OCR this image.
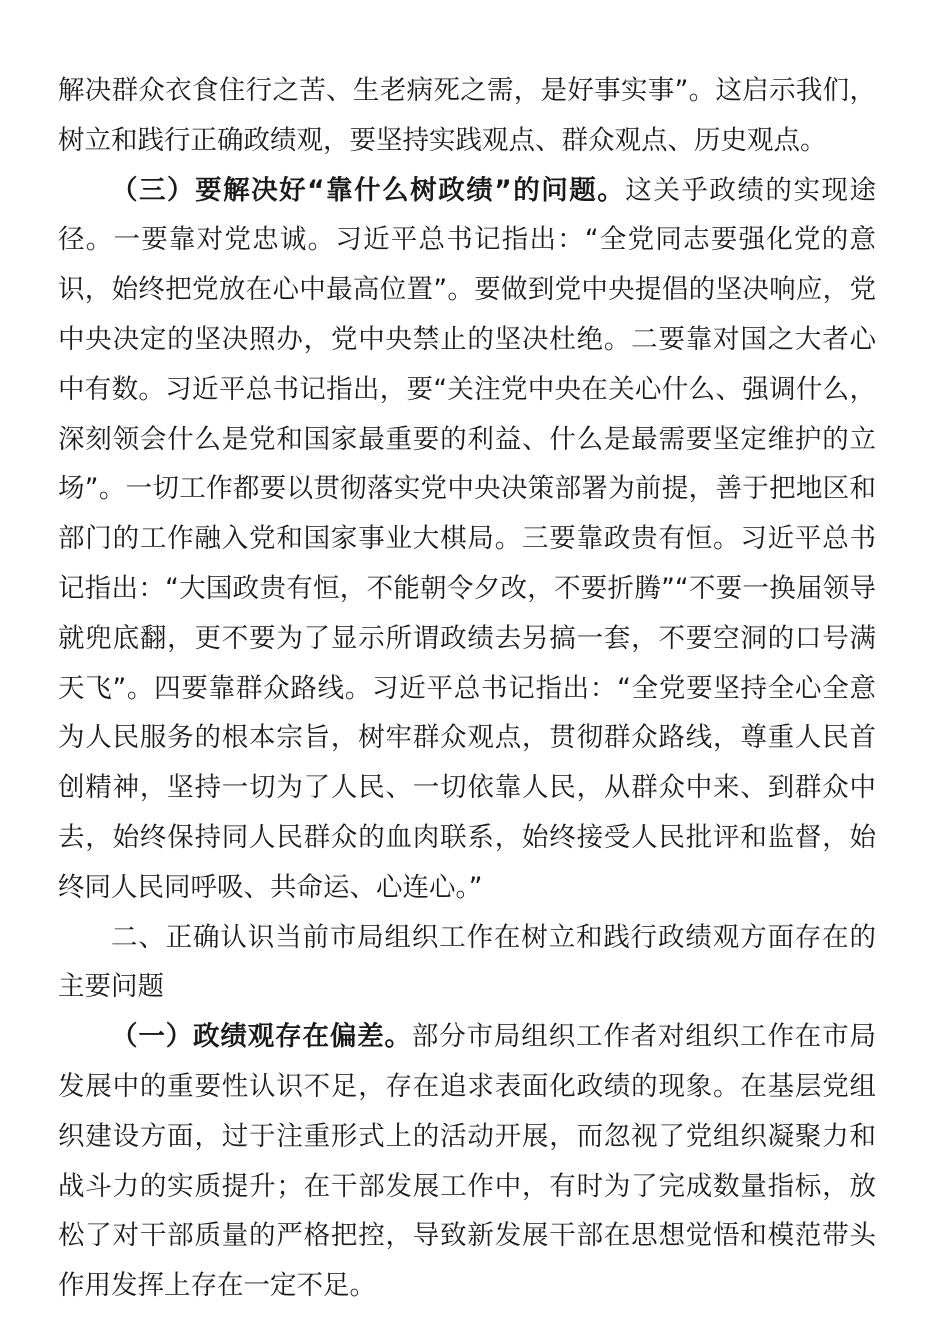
解决群众衣食住行之苦、生老病死之需，是好事实事”。这启示我们，树立和践行正确政绩观，要坚持实践观点、群众观点、历史观点。

（三）要解决好“靠什么树政绩”的问题。这关乎政绩的实现途径。一要靠对党忠诚。习近平总书记指出：“全党同志要强化党的意识，始终把党放在心中最高位置”。要做到党中央提倡的坚决响应，党中央决定的坚决照办，党中央禁止的坚决杜绝。二要靠对国之大者心中有数。习近平总书记指出，要“关注党中央在关心什么、强调什么，深刻领会什么是党和国家最重要的利益、什么是最需要坚定维护的立场”。一切工作都要以贯彻落实党中央决策部署为前提，善于把地区和部门的工作融入党和国家事业大棋局。三要靠政贵有恒。习近平总书记指出：“大国政贵有恒，不能朝令夕改，不要折腾”“不要一换届领导就兜底翻，更不要为了显示所谓政绩去另搞一套，不要空洞的口号满天飞”。四要靠群众路线。习近平总书记指出：“全党要坚持全心全意为人民服务的根本宗旨，树牢群众观点，贯彻群众路线，尊重人民首创精神，坚持一切为了人民、一切依靠人民，从群众中来、到群众中去，始终保持同人民群众的血肉联系，始终接受人民批评和监督，始终同人民同呼吸、共命运、心连心。”

二、正确认识当前市局组织工作在树立和践行政绩观方面存在的主要问题

（一）政绩观存在偏差。部分市局组织工作者对组织工作在市局发展中的重要性认识不足，存在追求表面化政绩的现象。在基层党组织建设方面，过于注重形式上的活动开展，而忽视了党组织凝聚力和战斗力的实质提升；在干部发展工作中，有时为了完成数量指标，放松了对干部质量的严格把控，导致新发展干部在思想觉悟和模范带头作用发挥上存在一定不足。
